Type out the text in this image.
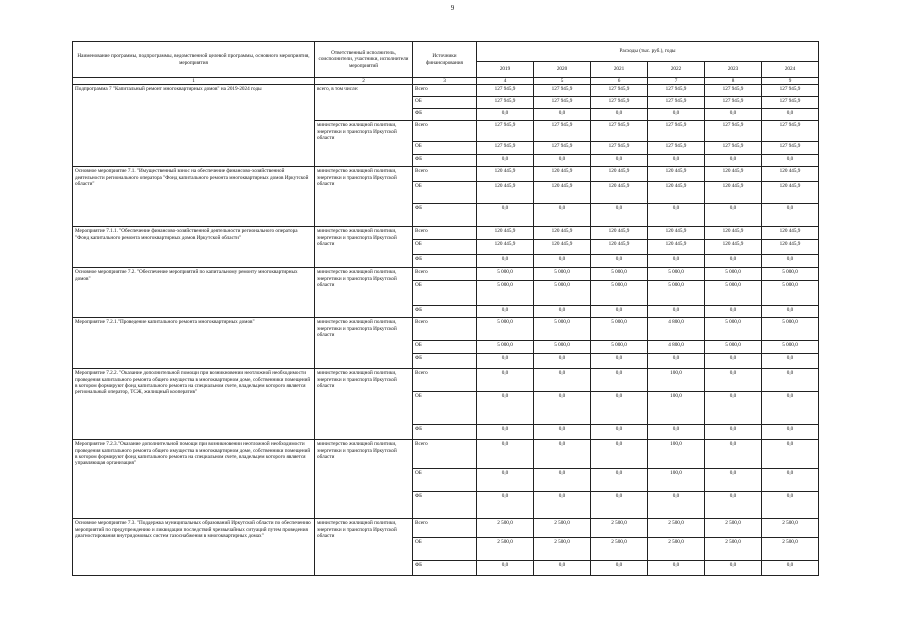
9
Наименование программы, подпрограммы, ведомственной целевой программы, основного мероприятия, мероприятия	Ответственный исполнитель, соисполнители, участники, исполнители мероприятий	Источники финансирования	Расходы (тыс. руб.), годы					
			2019	2020	2021	2022	2023	2024
1	2	3	4	5	6	7	8	9
Подпрограмма 7 "Капитальный ремонт многоквартирных домов" на 2019-2024 годы	всего, в том числе:	Всего	127 945,9	127 945,9	127 945,9	127 945,9	127 945,9	127 945,9
		ОБ	127 945,9	127 945,9	127 945,9	127 945,9	127 945,9	127 945,9
		ФБ	0,0	0,0	0,0	0,0	0,0	0,0
	министерство жилищной политики, энергетики и транспорта Иркутской области	Всего	127 945,9	127 945,9	127 945,9	127 945,9	127 945,9	127 945,9
		ОБ	127 945,9	127 945,9	127 945,9	127 945,9	127 945,9	127 945,9
		ФБ	0,0	0,0	0,0	0,0	0,0	0,0
Основное мероприятие 7.1. "Имущественный взнос на обеспечение финансово-хозяйственной деятельности регионального оператора "Фонд капитального ремонта многоквартирных домов Иркутской области"	министерство жилищной политики, энергетики и транспорта Иркутской области	Всего	120 445,9	120 445,9	120 445,9	120 445,9	120 445,9	120 445,9
		ОБ	120 445,9	120 445,9	120 445,9	120 445,9	120 445,9	120 445,9
		ФБ	0,0	0,0	0,0	0,0	0,0	0,0
Мероприятие 7.1.1. "Обеспечение финансово-хозяйственной деятельности регионального оператора "Фонд капитального ремонта многоквартирных домов Иркутской области"	министерство жилищной политики, энергетики и транспорта Иркутской области	Всего	120 445,9	120 445,9	120 445,9	120 445,9	120 445,9	120 445,9
		ОБ	120 445,9	120 445,9	120 445,9	120 445,9	120 445,9	120 445,9
		ФБ	0,0	0,0	0,0	0,0	0,0	0,0
Основное мероприятие 7.2. "Обеспечение мероприятий по капитальному ремонту многоквартирных домов"	министерство жилищной политики, энергетики и транспорта Иркутской области	Всего	5 000,0	5 000,0	5 000,0	5 000,0	5 000,0	5 000,0
		ОБ	5 000,0	5 000,0	5 000,0	5 000,0	5 000,0	5 000,0
		ФБ	0,0	0,0	0,0	0,0	0,0	0,0
Мероприятие 7.2.1."Проведение капитального ремонта многоквартирных домов"	министерство жилищной политики, энергетики и транспорта Иркутской области	Всего	5 000,0	5 000,0	5 000,0	4 800,0	5 000,0	5 000,0
		ОБ	5 000,0	5 000,0	5 000,0	4 800,0	5 000,0	5 000,0
		ФБ	0,0	0,0	0,0	0,0	0,0	0,0
Мероприятие 7.2.2. "Оказание дополнительной помощи при возникновении неотложной необходимости проведения капитального ремонта общего имущества в многоквартирном доме, собственники помещений в котором формируют фонд капитального ремонта на специальном счете, владельцем которого является региональный оператор, ТСЖ, жилищный кооператив"	министерство жилищной политики, энергетики и транспорта Иркутской области	Всего	0,0	0,0	0,0	100,0	0,0	0,0
		ОБ	0,0	0,0	0,0	100,0	0,0	0,0
		ФБ	0,0	0,0	0,0	0,0	0,0	0,0
Мероприятие 7.2.3."Оказание дополнительной помощи при возникновении неотложной необходимости проведения капитального ремонта общего имущества в многоквартирном доме, собственники помещений в котором формируют фонд капитального ремонта на специальном счете, владельцем которого является управляющая организация"	министерство жилищной политики, энергетики и транспорта Иркутской области	Всего	0,0	0,0	0,0	100,0	0,0	0,0
		ОБ	0,0	0,0	0,0	100,0	0,0	0,0
		ФБ	0,0	0,0	0,0	0,0	0,0	0,0
Основное мероприятие 7.3. "Поддержка муниципальных образований Иркутской области по обеспечению мероприятий по предупреждению и ликвидации последствий чрезвычайных ситуаций путем проведения диагностирования внутридомовых систем газоснабжения в многоквартирных домах"	министерство жилищной политики, энергетики и транспорта Иркутской области	Всего	2 500,0	2 500,0	2 500,0	2 500,0	2 500,0	2 500,0
		ОБ	2 500,0	2 500,0	2 500,0	2 500,0	2 500,0	2 500,0
		ФБ	0,0	0,0	0,0	0,0	0,0	0,0
